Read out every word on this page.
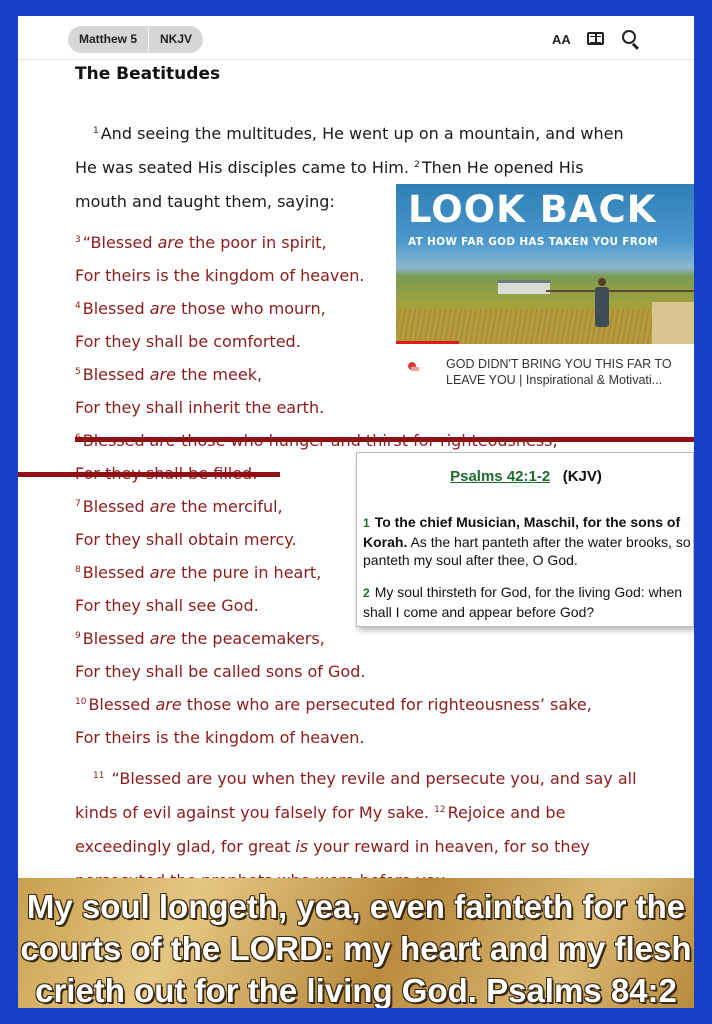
Matthew 5	NKJV	AA
The Beatitudes
$^1$ And seeing the multitudes, He went up on a mountain, and when
He was seated His disciples came to Him. $^2$ Then He opened His
mouth and taught them, saying:
$^3$ “Blessed are the poor in spirit,
For theirs is the kingdom of heaven.
$^4$ Blessed are those who mourn,
For they shall be comforted.
$^5$ Blessed are the meek,
For they shall inherit the earth.
$^6$ Blessed are those who hunger and thirst for righteousness,
$^7$ Blessed are the merciful,
For they shall obtain mercy.
$^8$ Blessed are the pure in heart,
For they shall see God.
$^9$ Blessed are the peacemakers,
For they shall be called sons of God.
$^{10}$ Blessed are those who are persecuted for righteousness’ sake,
For theirs is the kingdom of heaven.
$^{11}$ “Blessed are you when they revile and persecute you, and say all
kinds of evil against you falsely for My sake. $^{12}$ Rejoice and be
exceedingly glad, for great is your reward in heaven, for so they
LOOK BACK
AT HOW FAR GOD HAS TAKEN YOU FROM
GOD DIDN'T BRING YOU THIS FAR TO LEAVE YOU | Inspirational & Motivati...
Psalms 42:1-2 (KJV)
1 To the chief Musician, Maschil, for the sons of Korah. As the hart panteth after the water brooks, so panteth my soul after thee, O God.
2 My soul thirsteth for God, for the living God: when shall I come and appear before God?
My soul longeth, yea, even fainteth for the
courts of the LORD: my heart and my flesh
crieth out for the living God. Psalms 84:2
